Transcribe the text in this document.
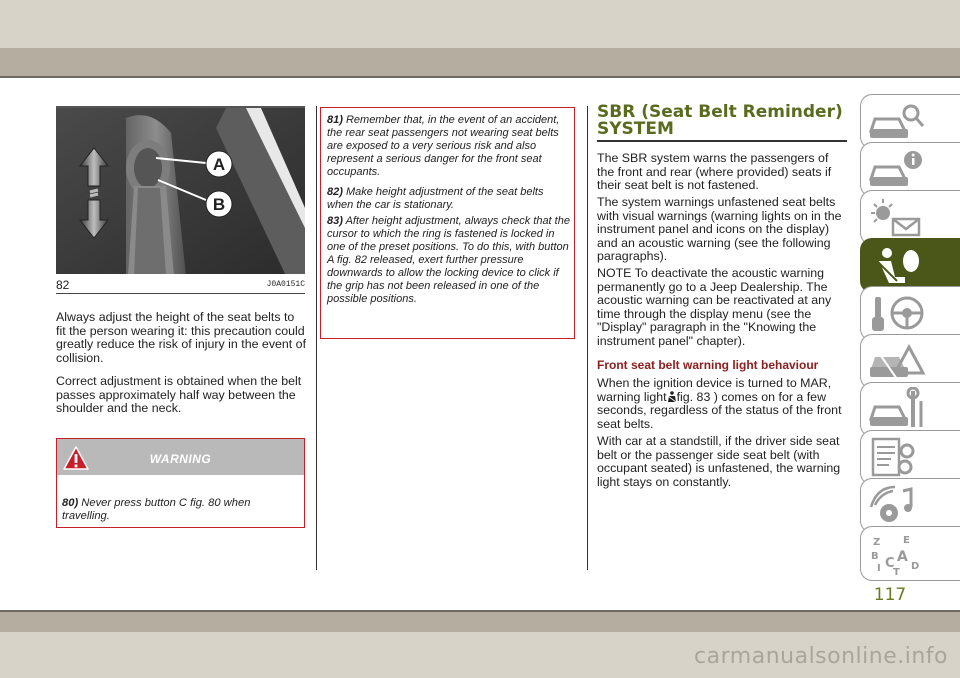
A
B
82	J0A0151C
Always adjust the height of the seat belts to fit the person wearing it: this precaution could greatly reduce the risk of injury in the event of collision.
Correct adjustment is obtained when the belt passes approximately half way between the shoulder and the neck.
WARNING
80) Never press button C fig. 80 when travelling.
81) Remember that, in the event of an accident, the rear seat passengers not wearing seat belts are exposed to a very serious risk and also represent a serious danger for the front seat occupants.
82) Make height adjustment of the seat belts when the car is stationary.
83) After height adjustment, always check that the cursor to which the ring is fastened is locked in one of the preset positions. To do this, with button A fig. 82 released, exert further pressure downwards to allow the locking device to click if the grip has not been released in one of the possible positions.
SBR (Seat Belt Reminder)
SYSTEM
The SBR system warns the passengers of the front and rear (where provided) seats if their seat belt is not fastened.
The system warnings unfastened seat belts with visual warnings (warning lights on in the instrument panel and icons on the display) and an acoustic warning (see the following paragraphs).
NOTE To deactivate the acoustic warning permanently go to a Jeep Dealership. The acoustic warning can be reactivated at any time through the display menu (see the "Display" paragraph in the "Knowing the instrument panel" chapter).
Front seat belt warning light behaviour
When the ignition device is turned to MAR, warning light fig. 83 ) comes on for a few seconds, regardless of the status of the front seat belts.
With car at a standstill, if the driver side seat belt or the passenger side seat belt (with occupant seated) is unfastened, the warning light stays on constantly.
Z E
B A
I C
T
D
117
carmanualsonline.info
